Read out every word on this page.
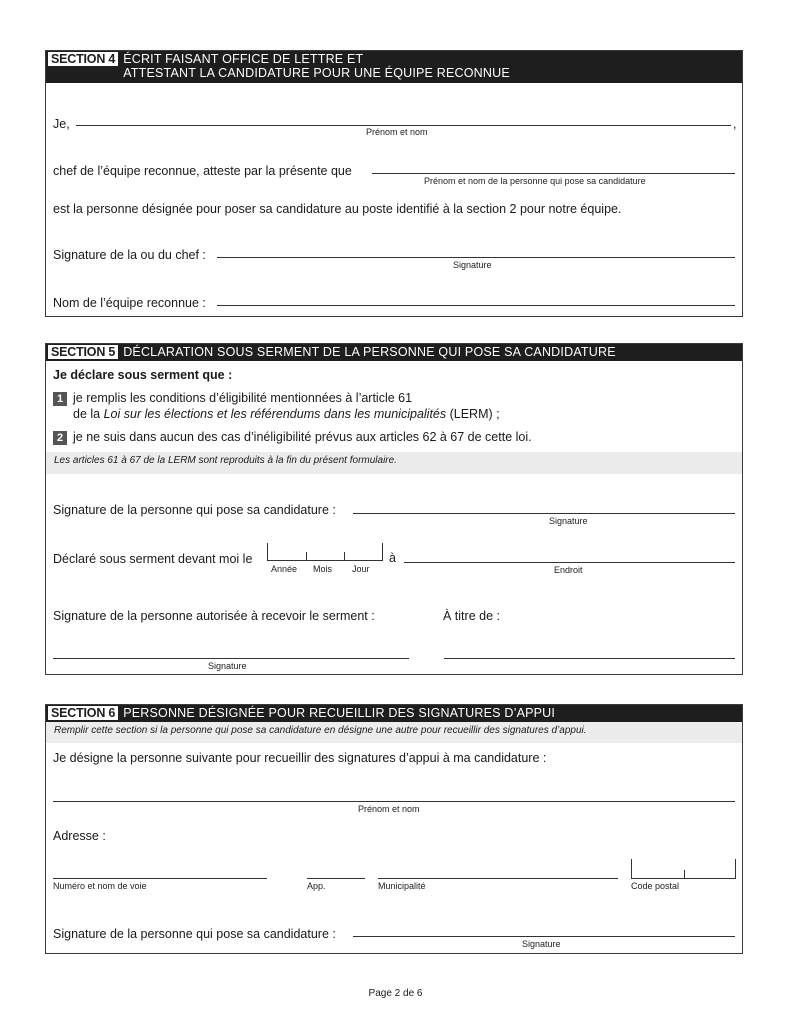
SECTION 4 ÉCRIT FAISANT OFFICE DE LETTRE ET
ATTESTANT LA CANDIDATURE POUR UNE ÉQUIPE RECONNUE
Je,	,
Prénom et nom
chef de l’équipe reconnue, atteste par la présente que
Prénom et nom de la personne qui pose sa candidature
est la personne désignée pour poser sa candidature au poste identifié à la section 2 pour notre équipe.
Signature de la ou du chef :
Signature
Nom de l’équipe reconnue :
SECTION 5 DÉCLARATION SOUS SERMENT DE LA PERSONNE QUI POSE SA CANDIDATURE
Je déclare sous serment que :
1 je remplis les conditions d’éligibilité mentionnées à l’article 61
de la Loi sur les élections et les référendums dans les municipalités (LERM) ;
2 je ne suis dans aucun des cas d’inéligibilité prévus aux articles 62 à 67 de cette loi.
Les articles 61 à 67 de la LERM sont reproduits à la fin du présent formulaire.
Signature de la personne qui pose sa candidature :
Signature
Déclaré sous serment devant moi le
Année Mois Jour
à
Endroit
Signature de la personne autorisée à recevoir le serment :	À titre de :
Signature
SECTION 6 PERSONNE DÉSIGNÉE POUR RECUEILLIR DES SIGNATURES D’APPUI
Remplir cette section si la personne qui pose sa candidature en désigne une autre pour recueillir des signatures d’appui.
Je désigne la personne suivante pour recueillir des signatures d’appui à ma candidature :
Prénom et nom
Adresse :
Numéro et nom de voie	App.	Municipalité	Code postal
Signature de la personne qui pose sa candidature :
Signature
Page 2 de 6
